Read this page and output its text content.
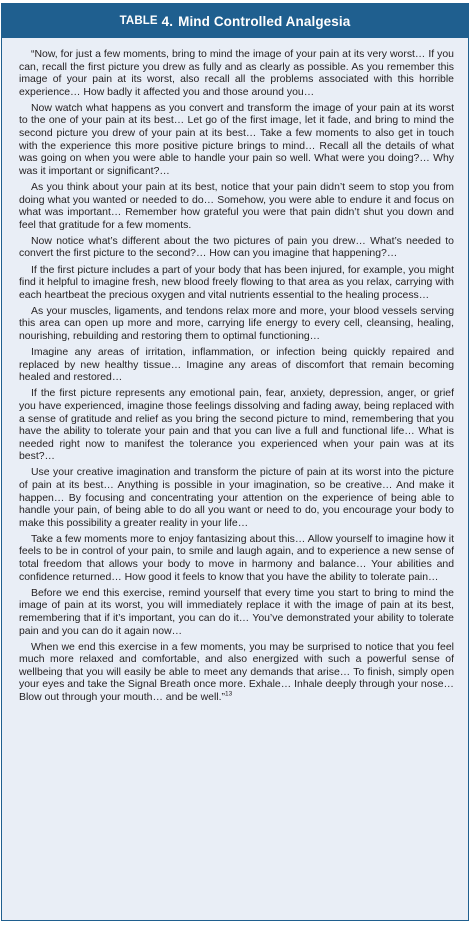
TABLE 4. Mind Controlled Analgesia

“Now, for just a few moments, bring to mind the image of your pain at its very worst… If you can, recall the first picture you drew as fully and as clearly as possible. As you remember this image of your pain at its worst, also recall all the problems associated with this horrible experience… How badly it affected you and those around you…

Now watch what happens as you convert and transform the image of your pain at its worst to the one of your pain at its best… Let go of the first image, let it fade, and bring to mind the second picture you drew of your pain at its best… Take a few moments to also get in touch with the experience this more positive picture brings to mind… Recall all the details of what was going on when you were able to handle your pain so well. What were you doing?… Why was it important or significant?…

As you think about your pain at its best, notice that your pain didn’t seem to stop you from doing what you wanted or needed to do… Somehow, you were able to endure it and focus on what was important… Remember how grateful you were that pain didn’t shut you down and feel that gratitude for a few moments.

Now notice what’s different about the two pictures of pain you drew… What’s needed to convert the first picture to the second?… How can you imagine that happening?…

If the first picture includes a part of your body that has been injured, for example, you might find it helpful to imagine fresh, new blood freely flowing to that area as you relax, carrying with each heartbeat the precious oxygen and vital nutrients essential to the healing process…

As your muscles, ligaments, and tendons relax more and more, your blood vessels serving this area can open up more and more, carrying life energy to every cell, cleansing, healing, nourishing, rebuilding and restoring them to optimal functioning…

Imagine any areas of irritation, inflammation, or infection being quickly repaired and replaced by new healthy tissue… Imagine any areas of discomfort that remain becoming healed and restored…

If the first picture represents any emotional pain, fear, anxiety, depression, anger, or grief you have experienced, imagine those feelings dissolving and fading away, being replaced with a sense of gratitude and relief as you bring the second picture to mind, remembering that you have the ability to tolerate your pain and that you can live a full and functional life… What is needed right now to manifest the tolerance you experienced when your pain was at its best?…

Use your creative imagination and transform the picture of pain at its worst into the picture of pain at its best… Anything is possible in your imagination, so be creative… And make it happen… By focusing and concentrating your attention on the experience of being able to handle your pain, of being able to do all you want or need to do, you encourage your body to make this possibility a greater reality in your life…

Take a few moments more to enjoy fantasizing about this… Allow yourself to imagine how it feels to be in control of your pain, to smile and laugh again, and to experience a new sense of total freedom that allows your body to move in harmony and balance… Your abilities and confidence returned… How good it feels to know that you have the ability to tolerate pain…

Before we end this exercise, remind yourself that every time you start to bring to mind the image of pain at its worst, you will immediately replace it with the image of pain at its best, remembering that if it’s important, you can do it… You’ve demonstrated your ability to tolerate pain and you can do it again now…

When we end this exercise in a few moments, you may be surprised to notice that you feel much more relaxed and comfortable, and also energized with such a powerful sense of wellbeing that you will easily be able to meet any demands that arise… To finish, simply open your eyes and take the Signal Breath once more. Exhale… Inhale deeply through your nose… Blow out through your mouth… and be well.”$^{13}$
